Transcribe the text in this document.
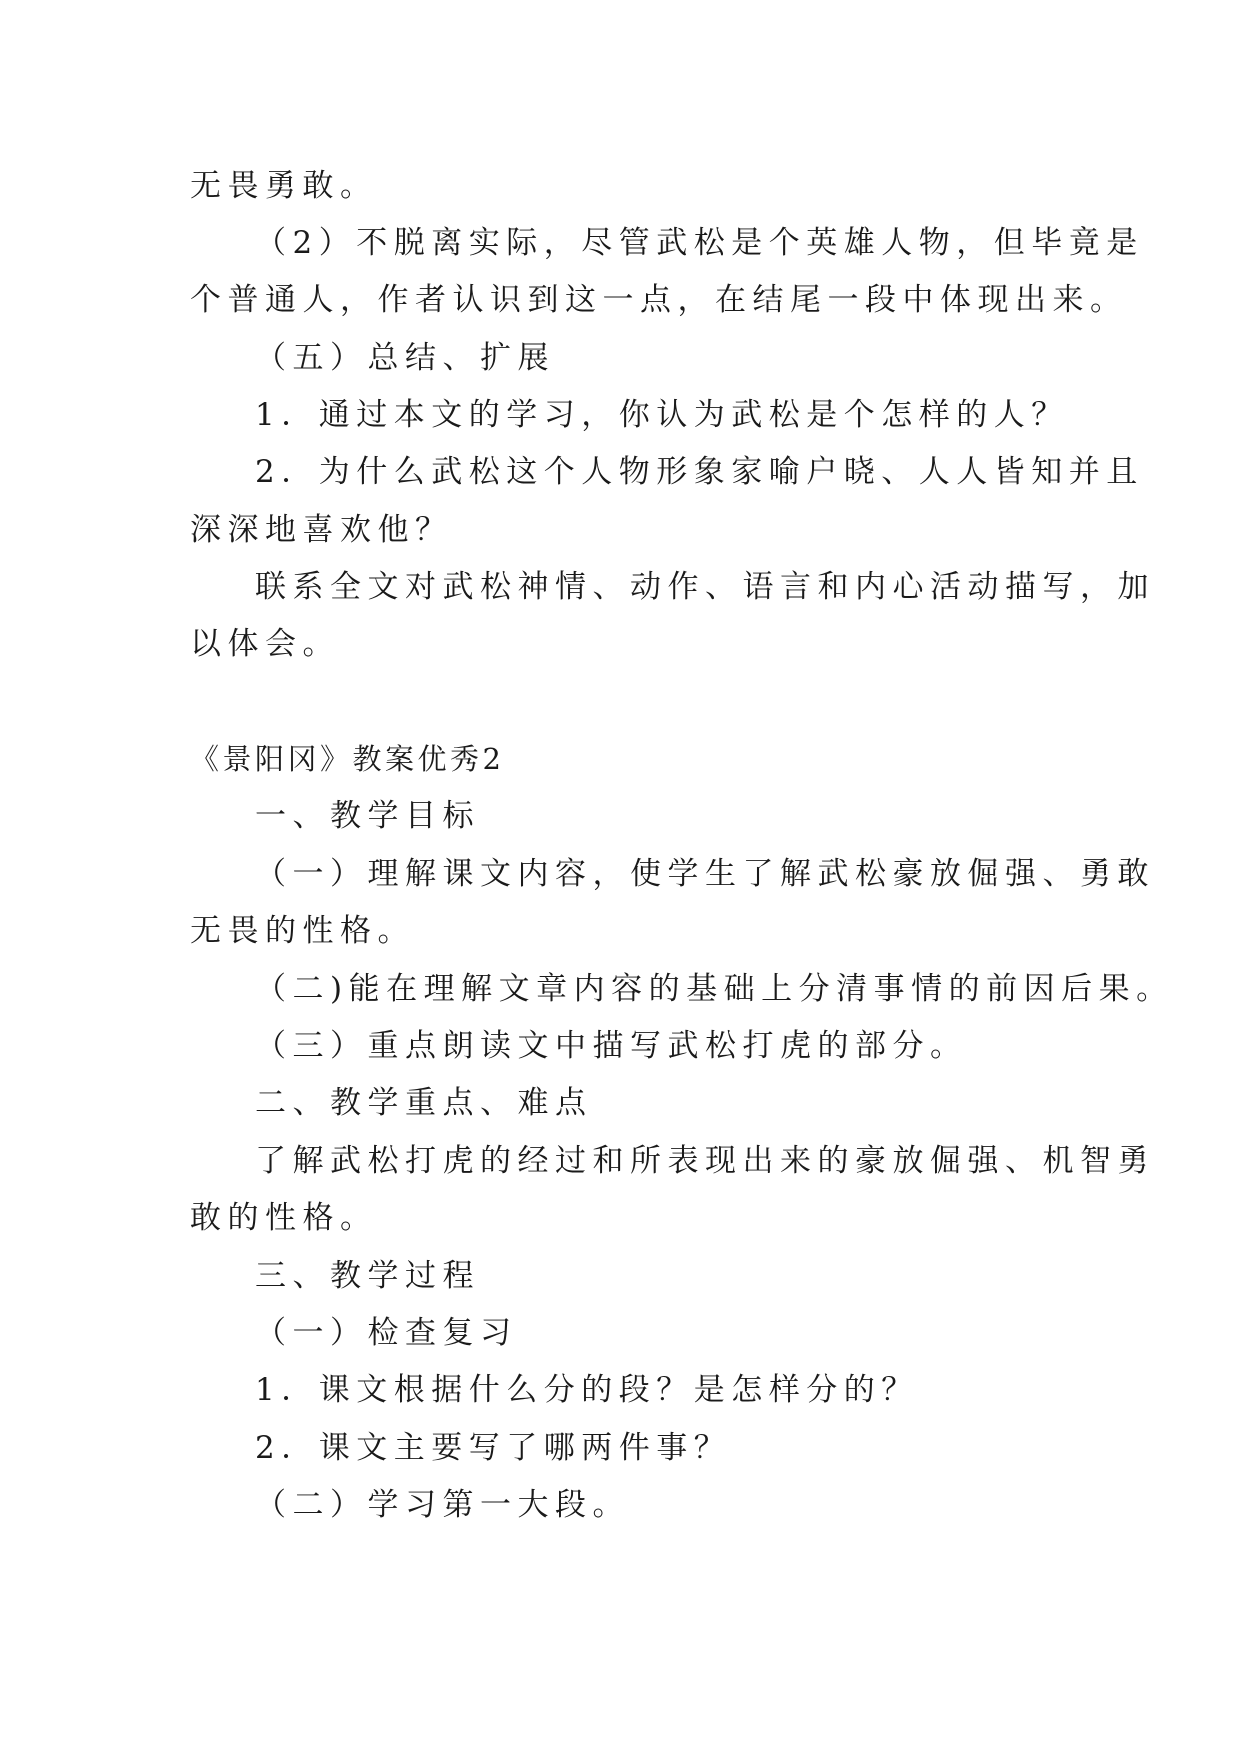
无畏勇敢。
（2）不脱离实际，尽管武松是个英雄人物，但毕竟是
个普通人，作者认识到这一点，在结尾一段中体现出来。
（五）总结、扩展
1．通过本文的学习，你认为武松是个怎样的人？
2．为什么武松这个人物形象家喻户晓、人人皆知并且
深深地喜欢他？
联系全文对武松神情、动作、语言和内心活动描写，加
以体会。
《景阳冈》教案优秀2
一、教学目标
（一）理解课文内容，使学生了解武松豪放倔强、勇敢
无畏的性格。
（二)能在理解文章内容的基础上分清事情的前因后果。
（三）重点朗读文中描写武松打虎的部分。
二、教学重点、难点
了解武松打虎的经过和所表现出来的豪放倔强、机智勇
敢的性格。
三、教学过程
（一）检查复习
1．课文根据什么分的段？是怎样分的？
2．课文主要写了哪两件事？
（二）学习第一大段。
